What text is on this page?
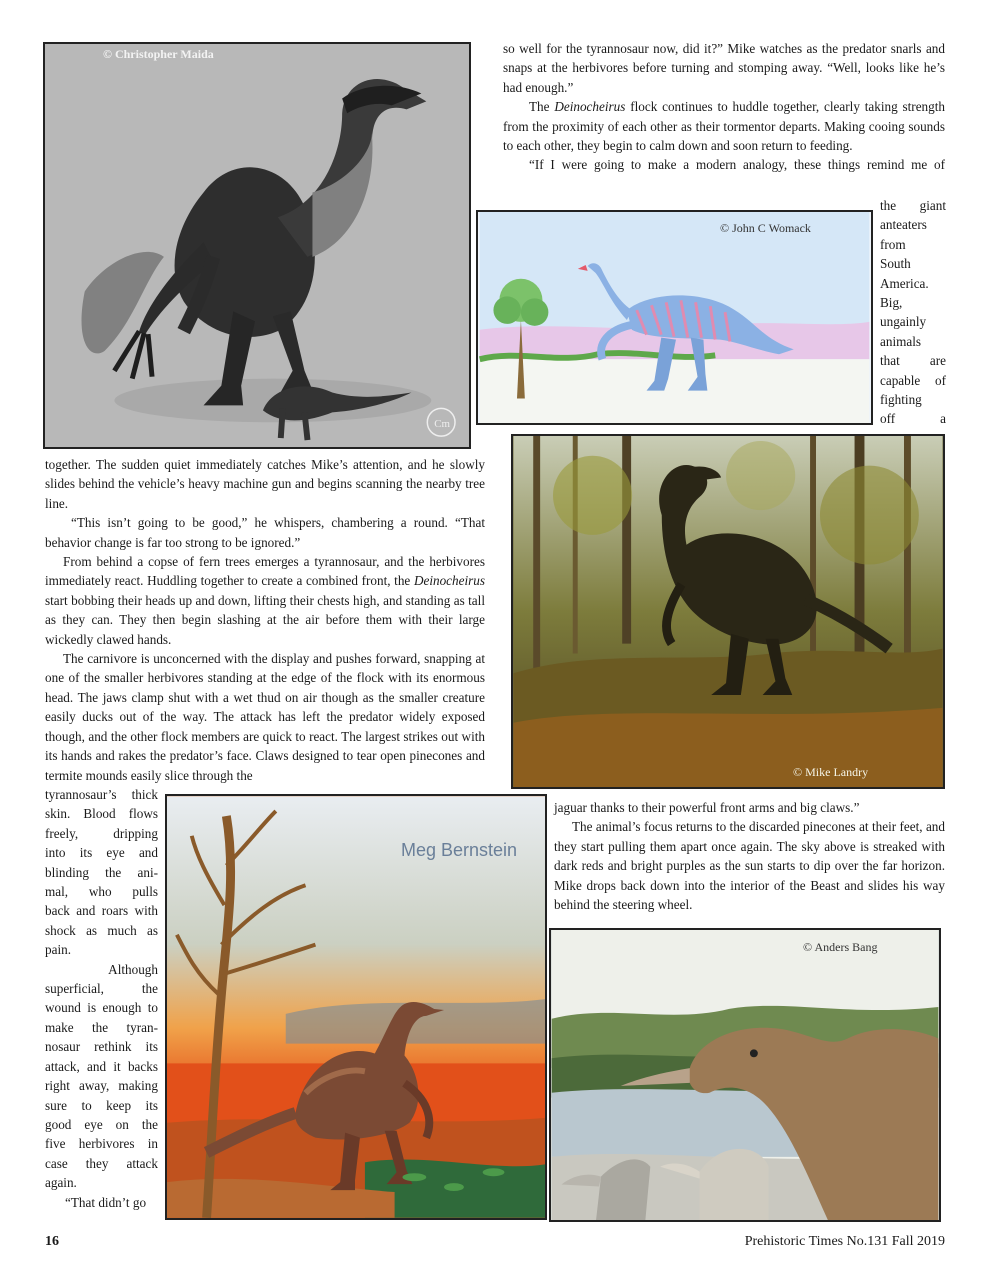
Cm
© Christopher Maida	so well for the tyrannosaur now, did it?” Mike watches as the predator snarls and snaps at the herbivores before turning and stomping away. “Well, looks like he’s had enough.”

The Deinocheirus flock continues to huddle together, clearly taking strength from the proximity of each other as their tormentor departs. Making cooing sounds to each other, they begin to calm down and soon return to feeding.

“If I were going to make a modern analogy, these things remind me of

© John C Womack
the giant
anteaters
from
South
America.
Big,
ungainly
animals
that are
capable of
fighting
off a
© Mike Landry

together. The sudden quiet immediately catches Mike’s attention, and he slowly slides behind the vehicle’s heavy machine gun and begins scanning the nearby tree line.

“This isn’t going to be good,” he whispers, chambering a round. “That behavior change is far too strong to be ignored.”

From behind a copse of fern trees emerges a tyrannosaur, and the herbivores immediately react. Huddling together to create a combined front, the Deinocheirus start bobbing their heads up and down, lifting their chests high, and standing as tall as they can. They then begin slashing at the air before them with their large wickedly clawed hands.

The carnivore is unconcerned with the display and pushes forward, snapping at one of the smaller herbivores standing at the edge of the flock with its enormous head. The jaws clamp shut with a wet thud on air though as the smaller creature easily ducks out of the way. The attack has left the predator widely exposed though, and the other flock members are quick to react. The largest strikes out with its hands and rakes the predator’s face. Claws designed to tear open pinecones and termite mounds easily slice through the

tyrannosaur’s thick
skin. Blood flows
freely, dripping
into its eye and
blinding the ani-
mal, who pulls
back and roars with
shock as much as
pain.
Although
superficial, the
wound is enough to
make the tyran-
nosaur rethink its
attack, and it backs
right away, making
sure to keep its
good eye on the
five herbivores in
case they attack
again.
“That didn’t go
Meg Bernstein

jaguar thanks to their powerful front arms and big claws.”

The animal’s focus returns to the discarded pinecones at their feet, and they start pulling them apart once again. The sky above is streaked with dark reds and bright purples as the sun starts to dip over the far horizon. Mike drops back down into the interior of the Beast and slides his way behind the steering wheel.

© Anders Bang
16	Prehistoric Times No.131 Fall 2019
